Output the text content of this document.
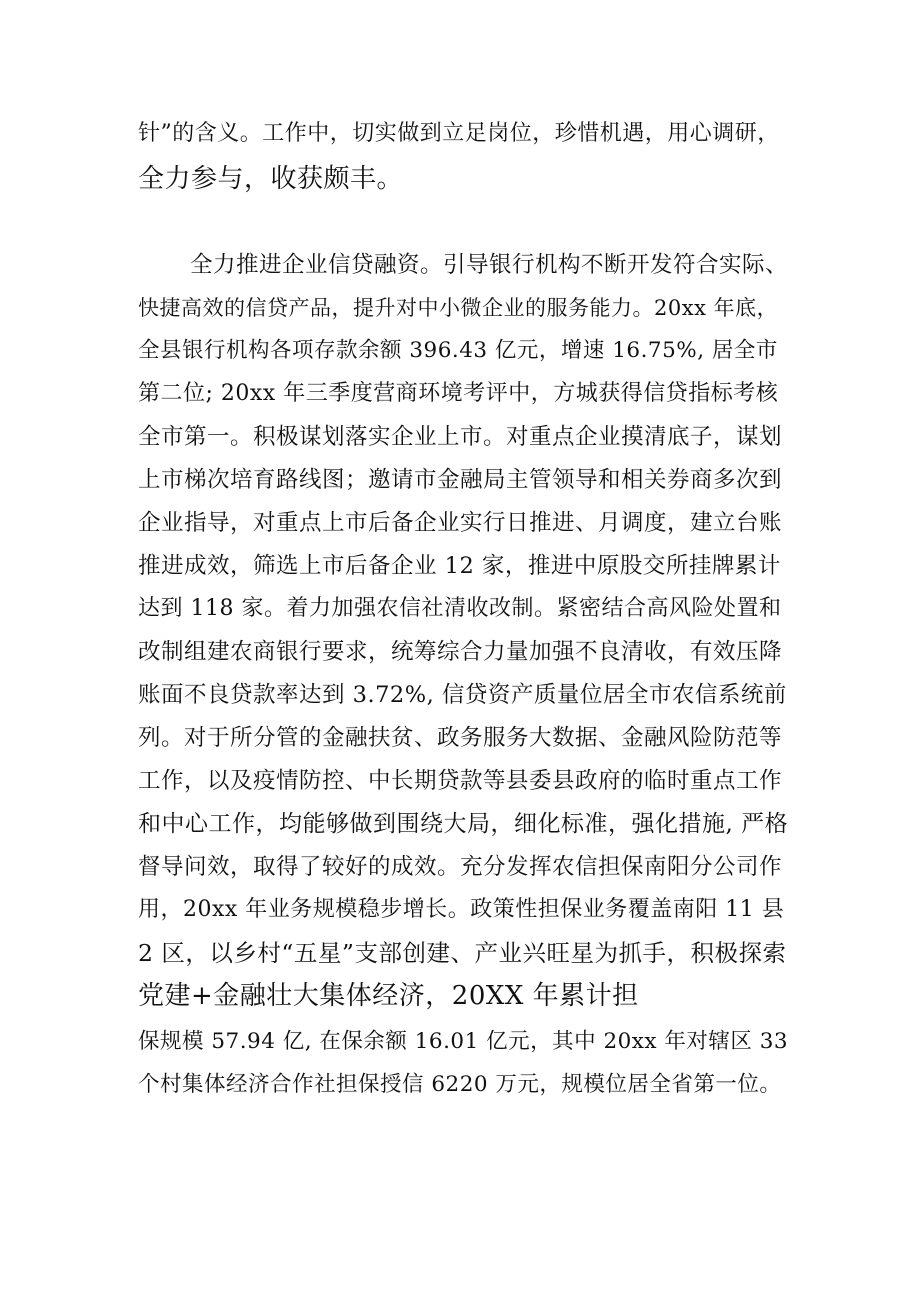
针”的含义。工作中，切实做到立足岗位，珍惜机遇，用心调研，
全力参与，收获颇丰。
全力推进企业信贷融资。引导银行机构不断开发符合实际、
快捷高效的信贷产品，提升对中小微企业的服务能力。20xx 年底，
全县银行机构各项存款余额 396.43 亿元，增速 16.75%, 居全市
第二位; 20xx 年三季度营商环境考评中，方城获得信贷指标考核
全市第一。积极谋划落实企业上市。对重点企业摸清底子，谋划
上市梯次培育路线图；邀请市金融局主管领导和相关券商多次到
企业指导，对重点上市后备企业实行日推进、月调度，建立台账
推进成效，筛选上市后备企业 12 家，推进中原股交所挂牌累计
达到 118 家。着力加强农信社清收改制。紧密结合高风险处置和
改制组建农商银行要求，统筹综合力量加强不良清收，有效压降
账面不良贷款率达到 3.72%, 信贷资产质量位居全市农信系统前
列。对于所分管的金融扶贫、政务服务大数据、金融风险防范等
工作，以及疫情防控、中长期贷款等县委县政府的临时重点工作
和中心工作，均能够做到围绕大局，细化标准，强化措施, 严格
督导问效，取得了较好的成效。充分发挥农信担保南阳分公司作
用，20xx 年业务规模稳步增长。政策性担保业务覆盖南阳 11 县
2 区，以乡村“五星”支部创建、产业兴旺星为抓手，积极探索
党建+金融壮大集体经济，20XX 年累计担
保规模 57.94 亿, 在保余额 16.01 亿元，其中 20xx 年对辖区 33
个村集体经济合作社担保授信 6220 万元，规模位居全省第一位。
